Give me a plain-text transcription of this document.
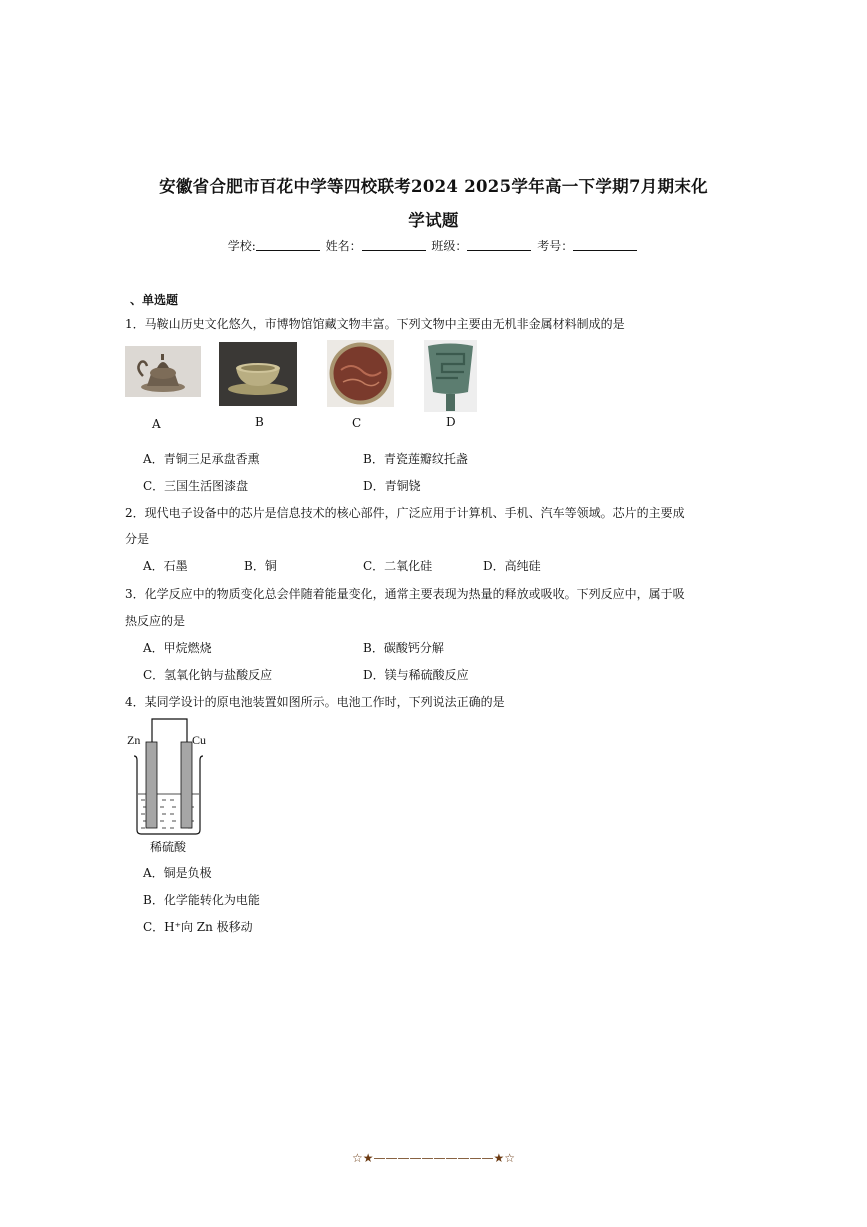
安徽省合肥市百花中学等四校联考2024 2025学年高一下学期7月期末化
学试题
学校:	姓名：	班级：	考号：
、单选题
1．马鞍山历史文化悠久，市博物馆馆藏文物丰富。下列文物中主要由无机非金属材料制成的是
A	B	C	D
A．青铜三足承盘香熏	B．青瓷莲瓣纹托盏
C．三国生活图漆盘	D．青铜铙
2．现代电子设备中的芯片是信息技术的核心部件，广泛应用于计算机、手机、汽车等领域。芯片的主要成
分是
A．石墨	B．铜	C．二氧化硅	D．高纯硅
3．化学反应中的物质变化总会伴随着能量变化，通常主要表现为热量的释放或吸收。下列反应中，属于吸
热反应的是
A．甲烷燃烧	B．碳酸钙分解
C．氢氧化钠与盐酸反应	D．镁与稀硫酸反应
4．某同学设计的原电池装置如图所示。电池工作时，下列说法正确的是
Zn	Cu
稀硫酸
A．铜是负极
B．化学能转化为电能
C．H⁺向 Zn 极移动
☆★——————————★☆
